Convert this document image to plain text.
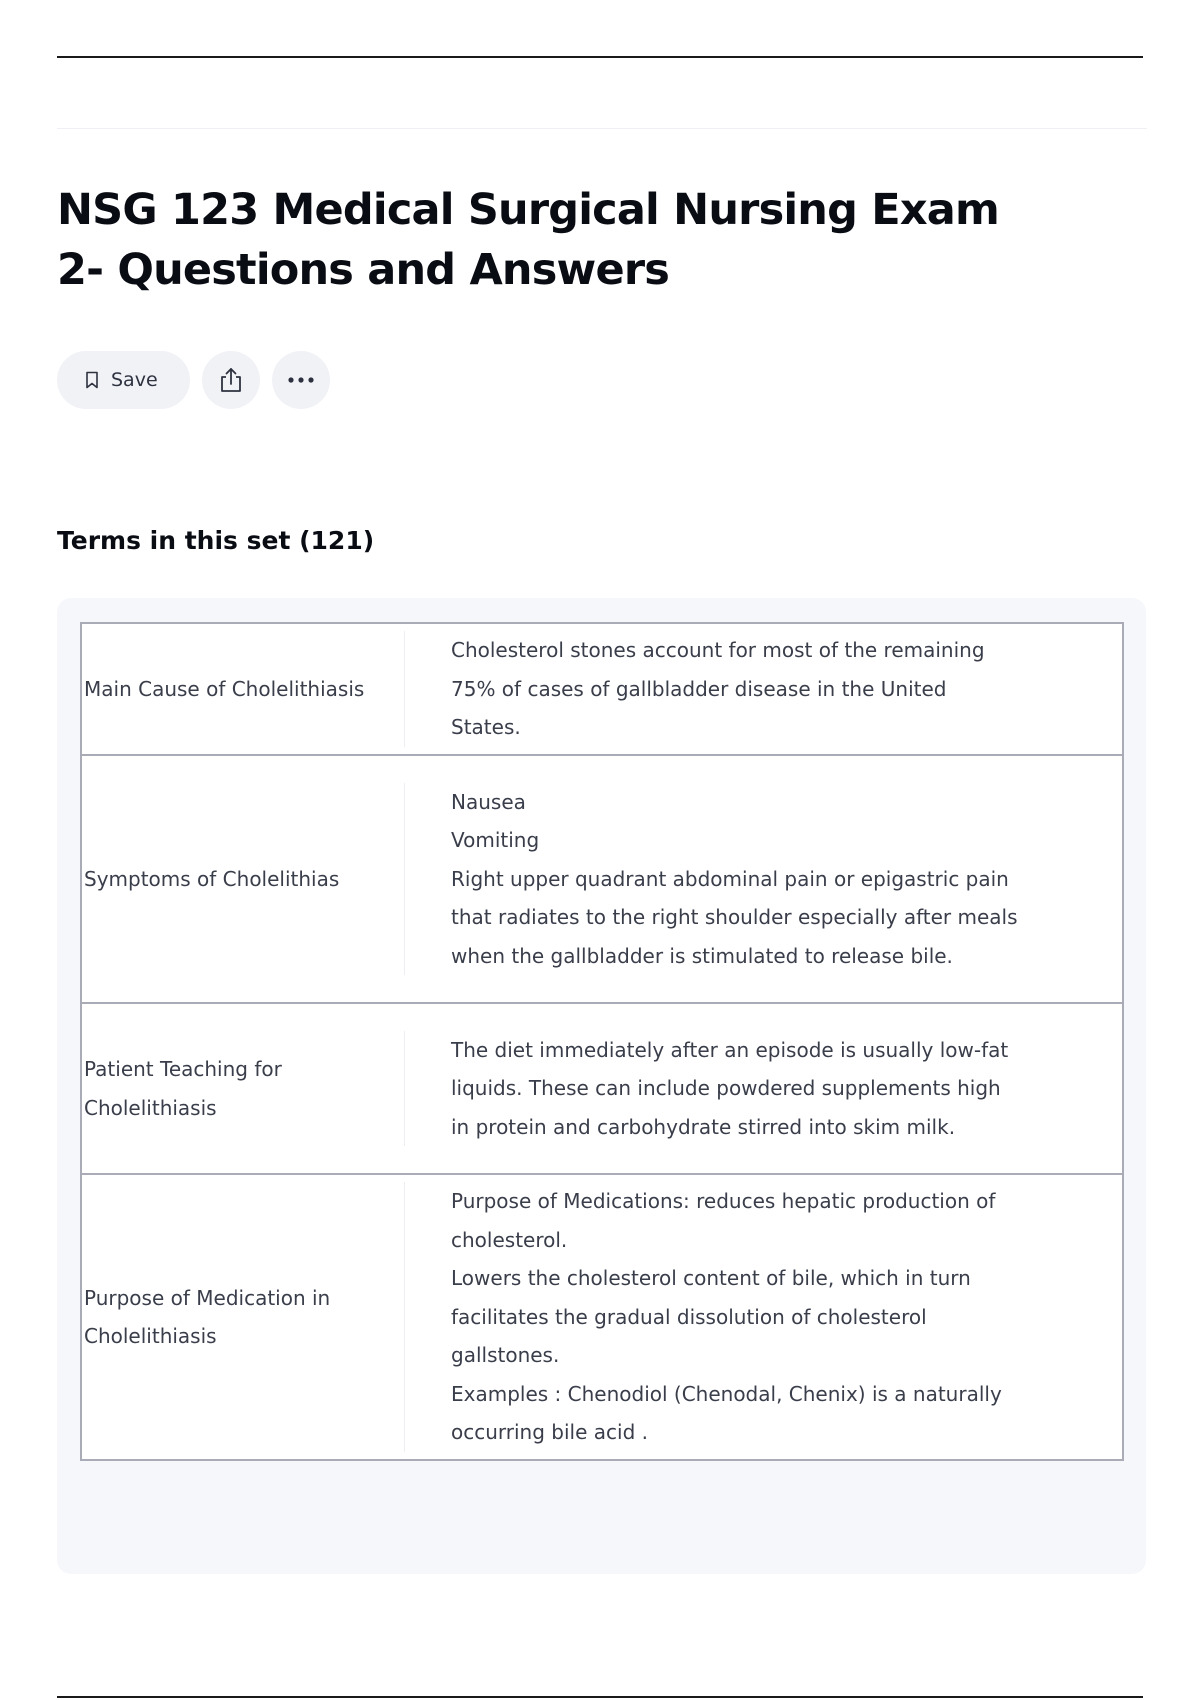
NSG 123 Medical Surgical Nursing Exam 2- Questions and Answers
Save
Terms in this set (121)
Main Cause of Cholelithiasis	Cholesterol stones account for most of the remaining 75% of cases of gallbladder disease in the United States.

Symptoms of Cholelithias	Nausea
Vomiting
Right upper quadrant abdominal pain or epigastric pain that radiates to the right shoulder especially after meals when the gallbladder is stimulated to release bile.

Patient Teaching for Cholelithiasis	The diet immediately after an episode is usually low-fat liquids. These can include powdered supplements high in protein and carbohydrate stirred into skim milk.

Purpose of Medication in Cholelithiasis	Purpose of Medications: reduces hepatic production of cholesterol.
Lowers the cholesterol content of bile, which in turn facilitates the gradual dissolution of cholesterol gallstones.
Examples : Chenodiol (Chenodal, Chenix) is a naturally occurring bile acid .
